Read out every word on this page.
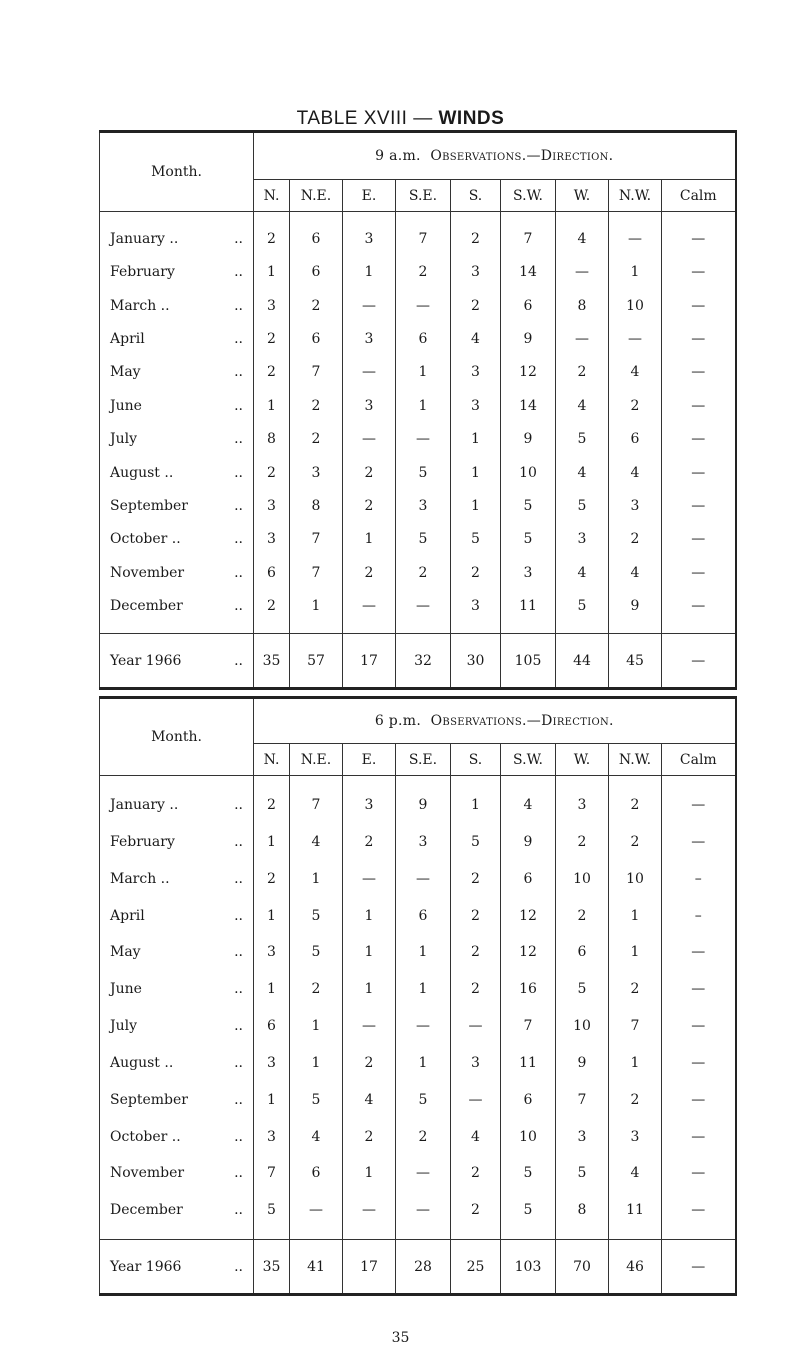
TABLE XVIII — WINDS
Month.	9 a.m. Observations.—Direction.								
	N.	N.E.	E.	S.E.	S.	S.W.	W.	N.W.	Calm

January .. ..	2	6	3	7	2	7	4	—	—
February ..	1	6	1	2	3	14	—	1	—
March .. ..	3	2	—	—	2	6	8	10	—
April ..	2	6	3	6	4	9	—	—	—
May ..	2	7	—	1	3	12	2	4	—
June ..	1	2	3	1	3	14	4	2	—
July ..	8	2	—	—	1	9	5	6	—
August .. ..	2	3	2	5	1	10	4	4	—
September ..	3	8	2	3	1	5	5	3	—
October .. ..	3	7	1	5	5	5	3	2	—
November ..	6	7	2	2	2	3	4	4	—
December ..	2	1	—	—	3	11	5	9	—

Year 1966 ..	35	57	17	32	30	105	44	45	—
Month.	6 p.m. Observations.—Direction.								
	N.	N.E.	E.	S.E.	S.	S.W.	W.	N.W.	Calm

January .. ..	2	7	3	9	1	4	3	2	—
February ..	1	4	2	3	5	9	2	2	—
March .. ..	2	1	—	—	2	6	10	10	–
April ..	1	5	1	6	2	12	2	1	–
May ..	3	5	1	1	2	12	6	1	—
June ..	1	2	1	1	2	16	5	2	—
July ..	6	1	—	—	—	7	10	7	—
August .. ..	3	1	2	1	3	11	9	1	—
September ..	1	5	4	5	—	6	7	2	—
October .. ..	3	4	2	2	4	10	3	3	—
November ..	7	6	1	—	2	5	5	4	—
December ..	5	—	—	—	2	5	8	11	—

Year 1966 ..	35	41	17	28	25	103	70	46	—
35
